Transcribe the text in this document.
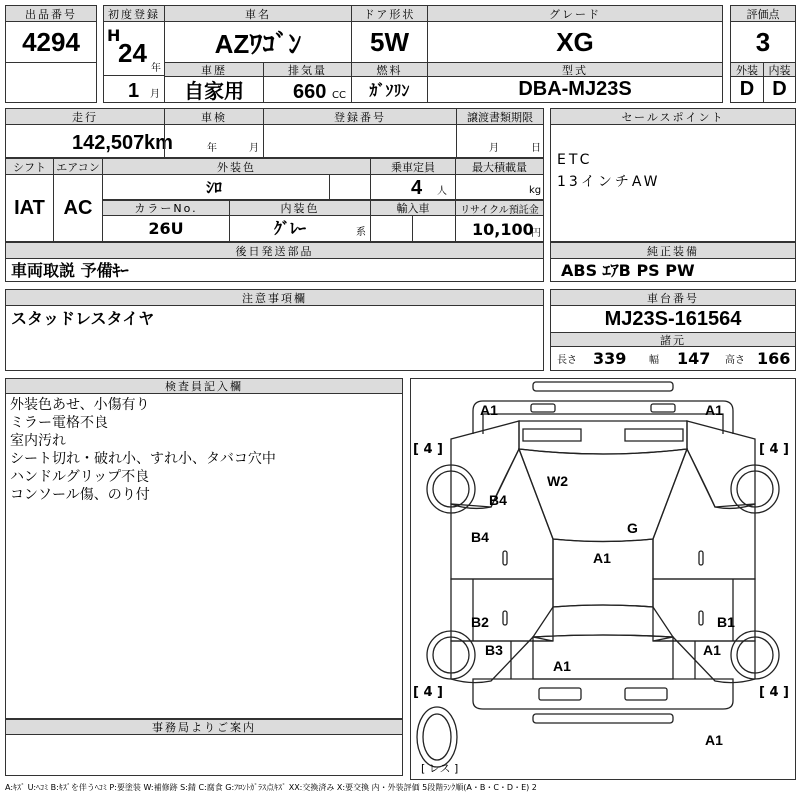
出品番号
4294
初度登録
H
24
年
1 月
車名
AZﾜｺﾞﾝ
車歴
自家用
排気量
660 CC
ドア形状
5W
燃料
ｶﾞｿﾘﾝ
グレード
XG
型式
DBA-MJ23S
評価点
3
外装 内装
D D
走行
142,507 km
車検
年	月
登録番号	譲渡書類期限
月	日
セールスポイント
ETC
13インチAW
シフト エアコン
IAT AC
外装色
ｼﾛ
乗車定員
4 人
最大積載量
kg
カラーNo.
26U
内装色
ｸﾞﾚｰ	系
輸入車	リサイクル預託金
10,100
円
後日発送部品
車両取説 予備ｷｰ
純正装備
ABS ｴｱB PS PW
注意事項欄
スタッドレスタイヤ
車台番号
MJ23S-161564
諸元
長さ 339 幅 147 高さ 166
検査員記入欄
外装色あせ、小傷有り
ミラー電格不良
室内汚れ
シート切れ・破れ小、すれ小、タバコ穴中
ハンドルグリップ不良
コンソール傷、のり付
事務局よりご案内
A1	A1
W2
B4
B4
G
A1
B2	B1
B3	A1
A1
A1
[ 4 ]	[ 4 ]
[ 4 ]	[ 4 ]
[ レス ]
A:ｷｽﾞ U:ﾍｺﾐ B:ｷｽﾞを伴うﾍｺﾐ P:要塗装 W:補修跡 S:錆 C:腐食 G:ﾌﾛﾝﾄｶﾞﾗｽ点ｷｽﾞ XX:交換済み X:要交換 内・外装評価 5段階ﾗﾝｸ順(A・B・C・D・E) 2
